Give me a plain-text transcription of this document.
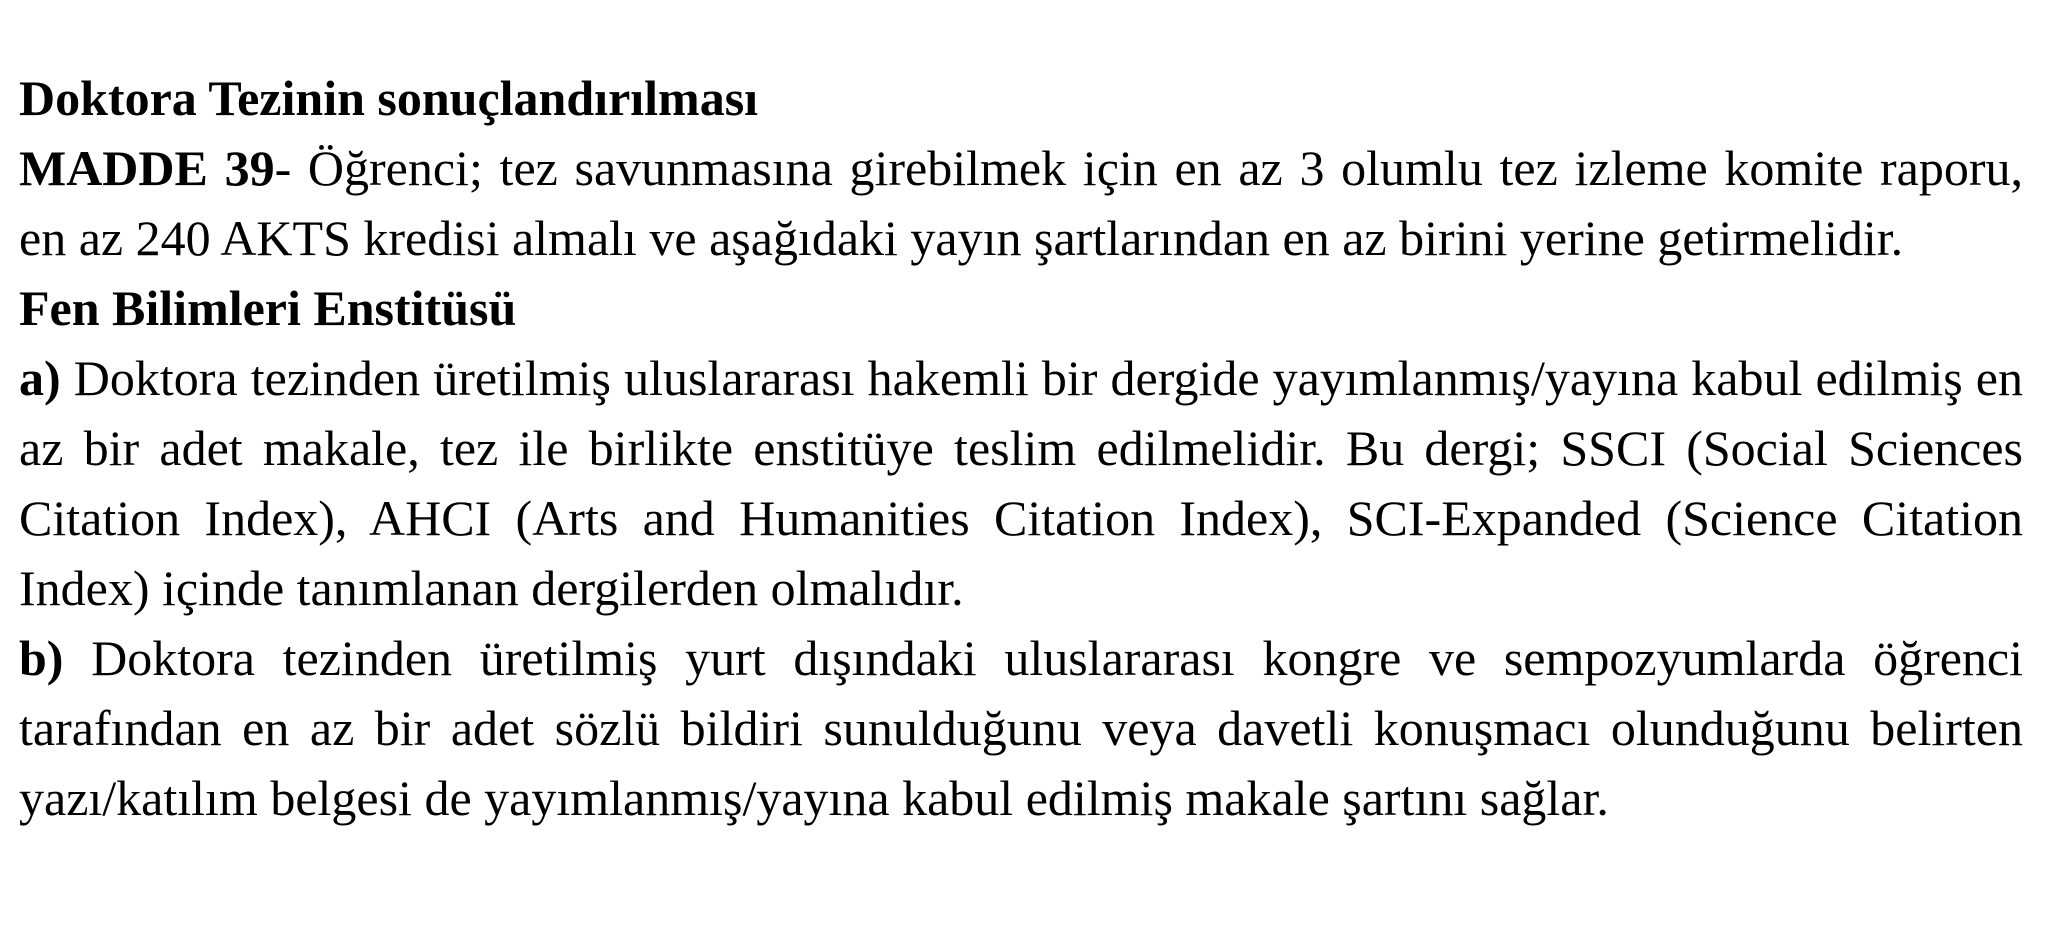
Doktora Tezinin sonuçlandırılması

MADDE 39- Öğrenci; tez savunmasına girebilmek için en az 3 olumlu tez izleme komite raporu, en az 240 AKTS kredisi almalı ve aşağıdaki yayın şartlarından en az birini yerine getirmelidir.

Fen Bilimleri Enstitüsü

a) Doktora tezinden üretilmiş uluslararası hakemli bir dergide yayımlanmış/yayına kabul edilmiş en az bir adet makale, tez ile birlikte enstitüye teslim edilmelidir. Bu dergi; SSCI (Social Sciences Citation Index), AHCI (Arts and Humanities Citation Index), SCI-Expanded (Science Citation Index) içinde tanımlanan dergilerden olmalıdır.

b) Doktora tezinden üretilmiş yurt dışındaki uluslararası kongre ve sempozyumlarda öğrenci tarafından en az bir adet sözlü bildiri sunulduğunu veya davetli konuşmacı olunduğunu belirten yazı/katılım belgesi de yayımlanmış/yayına kabul edilmiş makale şartını sağlar.
